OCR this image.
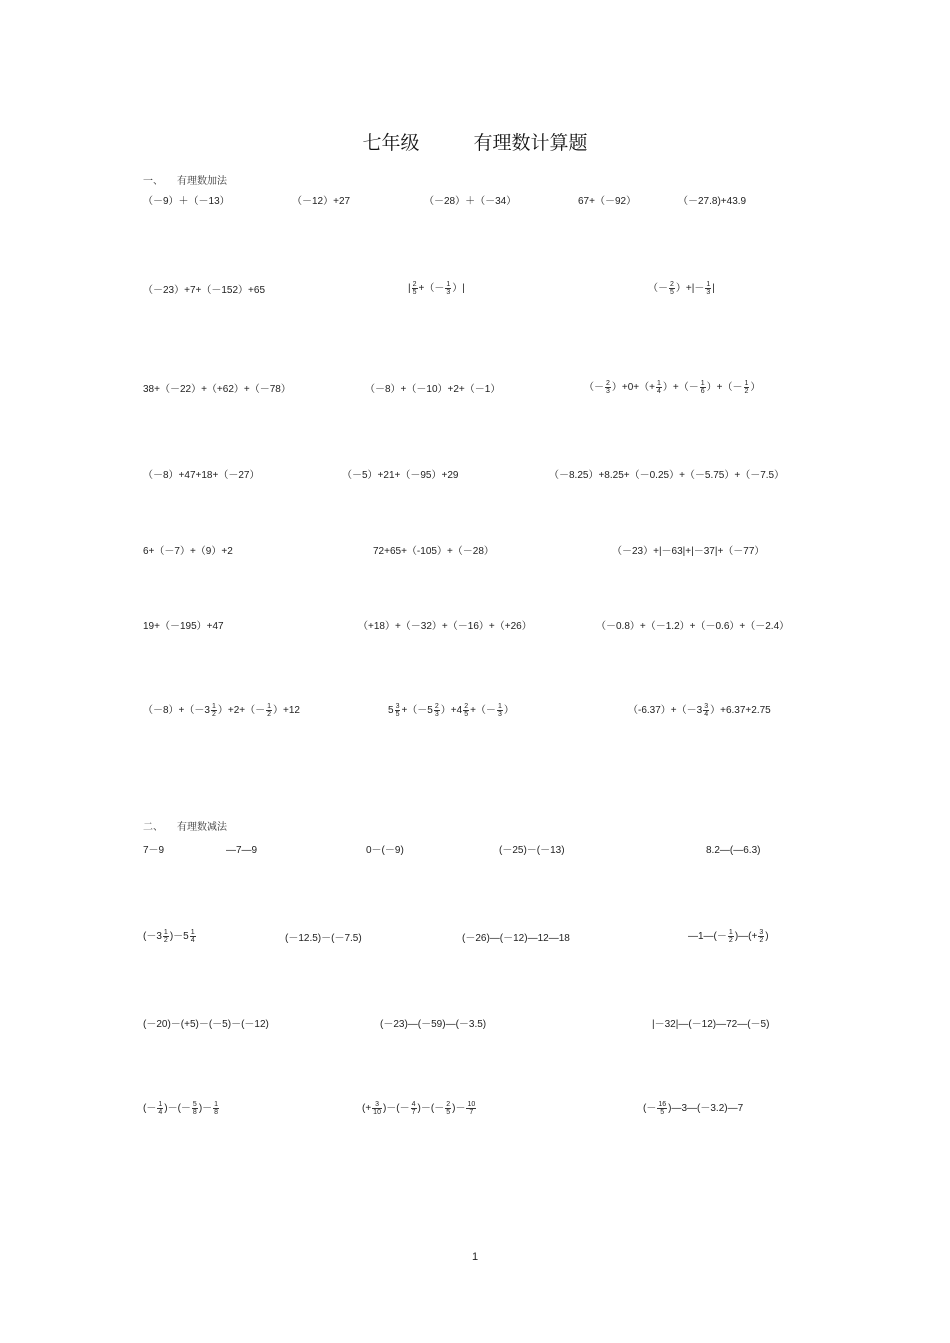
七年级	有理数计算题
一、 有理数加法
（－9）＋（－13）	（－12）+27	（－28）＋（－34）	67+（－92）	（－27.8)+43.9
（－23）+7+（－152）+65	| $\frac{2}{5}$ +（－ $\frac{1}{3}$ ）|	（－ $\frac{2}{5}$ ）+|－ $\frac{1}{3}$ |
38+（－22）+（+62）+（－78）	（－8）+（－10）+2+（－1）	（－ $\frac{2}{3} )+0+(+ \frac{1}{4}$ ）+（－ $\frac{1}{6}$ ）+（－ $\frac{1}{2}$ ）
（－8）+47+18+（－27）	（－5）+21+（－95）+29	（－8.25）+8.25+（－0.25）+（－5.75）+（－7.5）
6+（－7）+（9）+2	72+65+（-105）+（－28）	（－23）+|－63|+|－37|+（－77）
19+（－195）+47	（+18）+（－32）+（－16）+（+26）	（－0.8）+（－1.2）+（－0.6）+（－2.4）
$(-8)+(-3 \frac{1}{2} )+2+(- \frac{1}{2} )+12$	$5 \frac{3}{5} +(-5 \frac{2}{3} )+4 \frac{2}{5}$ +（－ $\frac{1}{3}$ ）	$(-6.37)+(-3 \frac{3}{4} )+6.37+2.75$
二、 有理数减法
7－9	—7—9	0－(－9)	(－25)－(－13)	8.2—(—6.3)
$(-3 \frac{1}{2} )-5 \frac{1}{4}$	(－12.5)－(－7.5)	(－26)—(－12)—12—18	—1—(－ $\frac{1}{2}$ )—(+ $\frac{3}{2}$ )
(－20)－(+5)－(－5)－(－12)	(－23)—(－59)—(－3.5)	|－32|—(－12)—72—(－5)
(－ $\frac{1}{4}$ )－(－ $\frac{5}{8}$ )－ $\frac{1}{8}$	(+ $\frac{3}{10}$ )－(－ $\frac{4}{7}$ )－(－ $\frac{2}{5}$ )－ $\frac{10}{7}$	(－ $\frac{16}{5}$ )—3—(－3.2)—7
1
